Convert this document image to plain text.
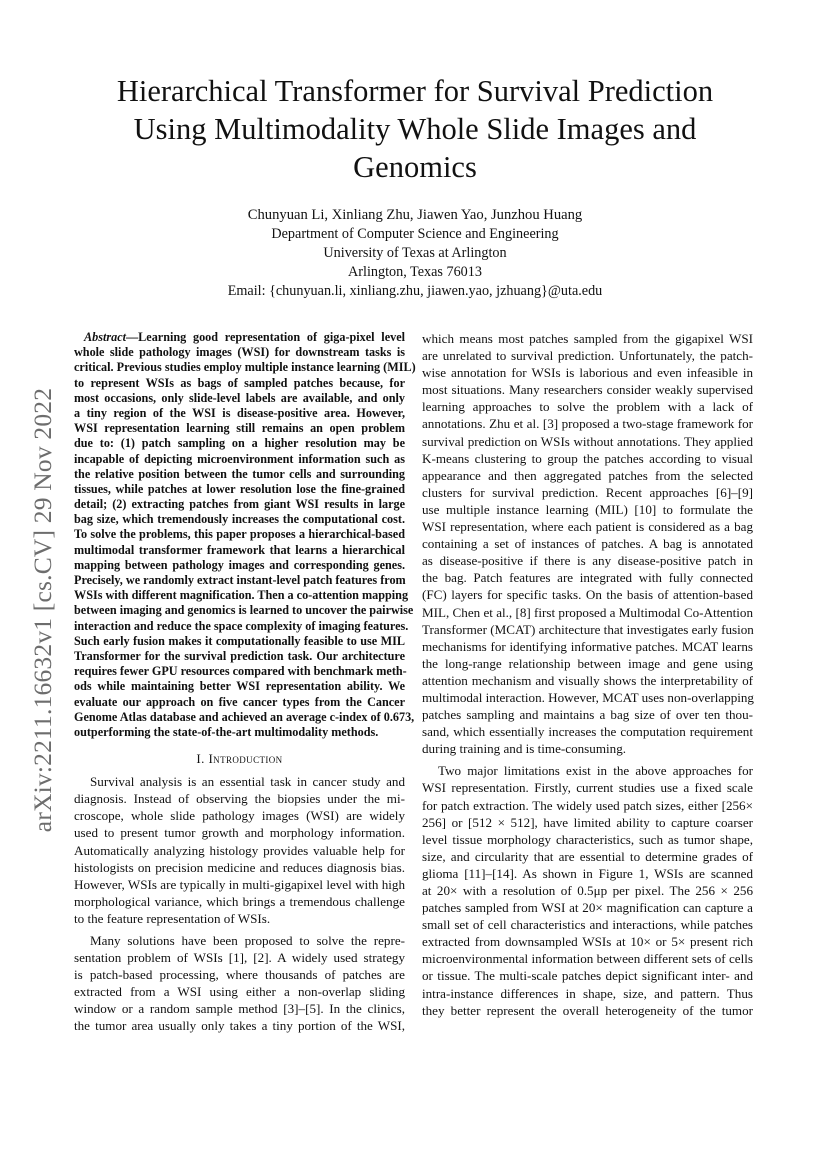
arXiv:2211.16632v1 [cs.CV] 29 Nov 2022
Hierarchical Transformer for Survival Prediction
Using Multimodality Whole Slide Images and
Genomics
Chunyuan Li, Xinliang Zhu, Jiawen Yao, Junzhou Huang
Department of Computer Science and Engineering
University of Texas at Arlington
Arlington, Texas 76013
Email: {chunyuan.li, xinliang.zhu, jiawen.yao, jzhuang}@uta.edu
Abstract—Learning good representation of giga-pixel level
whole slide pathology images (WSI) for downstream tasks is
critical. Previous studies employ multiple instance learning (MIL)
to represent WSIs as bags of sampled patches because, for
most occasions, only slide-level labels are available, and only
a tiny region of the WSI is disease-positive area. However,
WSI representation learning still remains an open problem
due to: (1) patch sampling on a higher resolution may be
incapable of depicting microenvironment information such as
the relative position between the tumor cells and surrounding
tissues, while patches at lower resolution lose the fine-grained
detail; (2) extracting patches from giant WSI results in large
bag size, which tremendously increases the computational cost.
To solve the problems, this paper proposes a hierarchical-based
multimodal transformer framework that learns a hierarchical
mapping between pathology images and corresponding genes.
Precisely, we randomly extract instant-level patch features from
WSIs with different magnification. Then a co-attention mapping
between imaging and genomics is learned to uncover the pairwise
interaction and reduce the space complexity of imaging features.
Such early fusion makes it computationally feasible to use MIL
Transformer for the survival prediction task. Our architecture
requires fewer GPU resources compared with benchmark meth-
ods while maintaining better WSI representation ability. We
evaluate our approach on five cancer types from the Cancer
Genome Atlas database and achieved an average c-index of 0.673,
outperforming the state-of-the-art multimodality methods.
I. Introduction
Survival analysis is an essential task in cancer study and
diagnosis. Instead of observing the biopsies under the mi-
croscope, whole slide pathology images (WSI) are widely
used to present tumor growth and morphology information.
Automatically analyzing histology provides valuable help for
histologists on precision medicine and reduces diagnosis bias.
However, WSIs are typically in multi-gigapixel level with high
morphological variance, which brings a tremendous challenge
to the feature representation of WSIs.
Many solutions have been proposed to solve the repre-
sentation problem of WSIs [1], [2]. A widely used strategy
is patch-based processing, where thousands of patches are
extracted from a WSI using either a non-overlap sliding
window or a random sample method [3]–[5]. In the clinics,
the tumor area usually only takes a tiny portion of the WSI,
which means most patches sampled from the gigapixel WSI
are unrelated to survival prediction. Unfortunately, the patch-
wise annotation for WSIs is laborious and even infeasible in
most situations. Many researchers consider weakly supervised
learning approaches to solve the problem with a lack of
annotations. Zhu et al. [3] proposed a two-stage framework for
survival prediction on WSIs without annotations. They applied
K-means clustering to group the patches according to visual
appearance and then aggregated patches from the selected
clusters for survival prediction. Recent approaches [6]–[9]
use multiple instance learning (MIL) [10] to formulate the
WSI representation, where each patient is considered as a bag
containing a set of instances of patches. A bag is annotated
as disease-positive if there is any disease-positive patch in
the bag. Patch features are integrated with fully connected
(FC) layers for specific tasks. On the basis of attention-based
MIL, Chen et al., [8] first proposed a Multimodal Co-Attention
Transformer (MCAT) architecture that investigates early fusion
mechanisms for identifying informative patches. MCAT learns
the long-range relationship between image and gene using
attention mechanism and visually shows the interpretability of
multimodal interaction. However, MCAT uses non-overlapping
patches sampling and maintains a bag size of over ten thou-
sand, which essentially increases the computation requirement
during training and is time-consuming.
Two major limitations exist in the above approaches for
WSI representation. Firstly, current studies use a fixed scale
for patch extraction. The widely used patch sizes, either [256×
256] or [512 × 512], have limited ability to capture coarser
level tissue morphology characteristics, such as tumor shape,
size, and circularity that are essential to determine grades of
glioma [11]–[14]. As shown in Figure 1, WSIs are scanned
at 20× with a resolution of 0.5μp per pixel. The 256 × 256
patches sampled from WSI at 20× magnification can capture a
small set of cell characteristics and interactions, while patches
extracted from downsampled WSIs at 10× or 5× present rich
microenvironmental information between different sets of cells
or tissue. The multi-scale patches depict significant inter- and
intra-instance differences in shape, size, and pattern. Thus
they better represent the overall heterogeneity of the tumor
